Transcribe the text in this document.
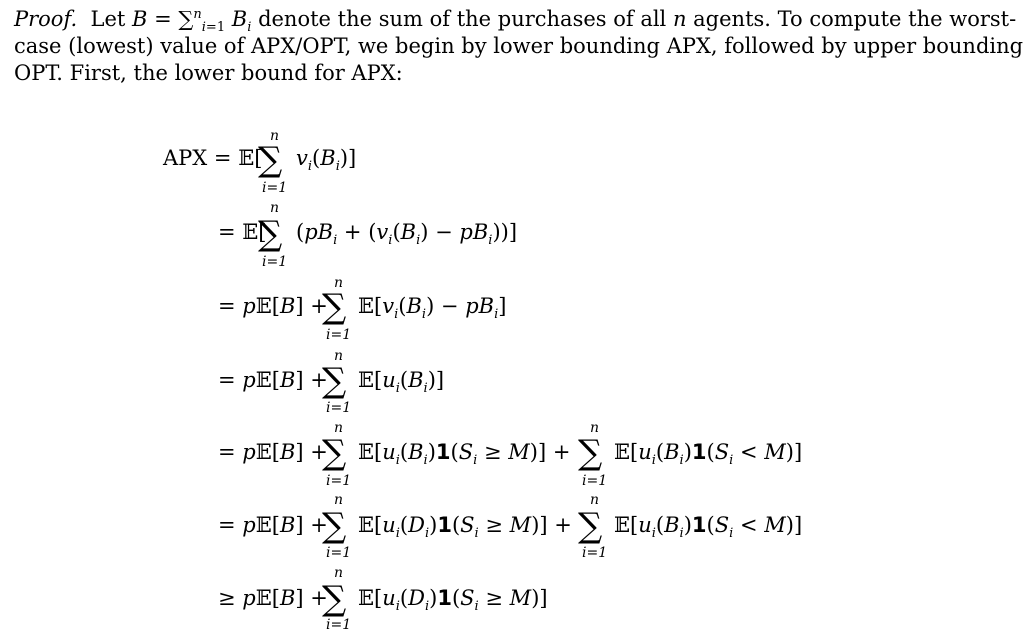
Proof.  Let B = ∑$^n_{i=1}$ $B_i$ denote the sum of the purchases of all n agents. To compute the worst-
case (lowest) value of APX/OPT, we begin by lower bounding APX, followed by upper bounding
OPT. First, the lower bound for APX:
APX = 𝔼[
∑
n
i=1
$v_i(B_i)$]
= 𝔼[
∑
n
i=1
$(pB_i + (v_i(B_i) - pB_i))$]
= p𝔼[B] +
∑
n
i=1
$𝔼[v_i(B_i) - pB_i]$
= p𝔼[B] +
∑
n
i=1
$𝔼[u_i(B_i)]$
= p𝔼[B] +
∑
n
i=1
$𝔼[u_i(B_i)1(S_i \ge M)]$ + ∑
n
i=1
$𝔼[u_i(B_i)1(S_i < M)]$
= p𝔼[B] +
∑
n
i=1
$𝔼[u_i(D_i)1(S_i \ge M)]$ + ∑
n
i=1
$𝔼[u_i(B_i)1(S_i < M)]$
≥ p𝔼[B] +
∑
n
i=1
$𝔼[u_i(D_i)1(S_i \ge M)]$
